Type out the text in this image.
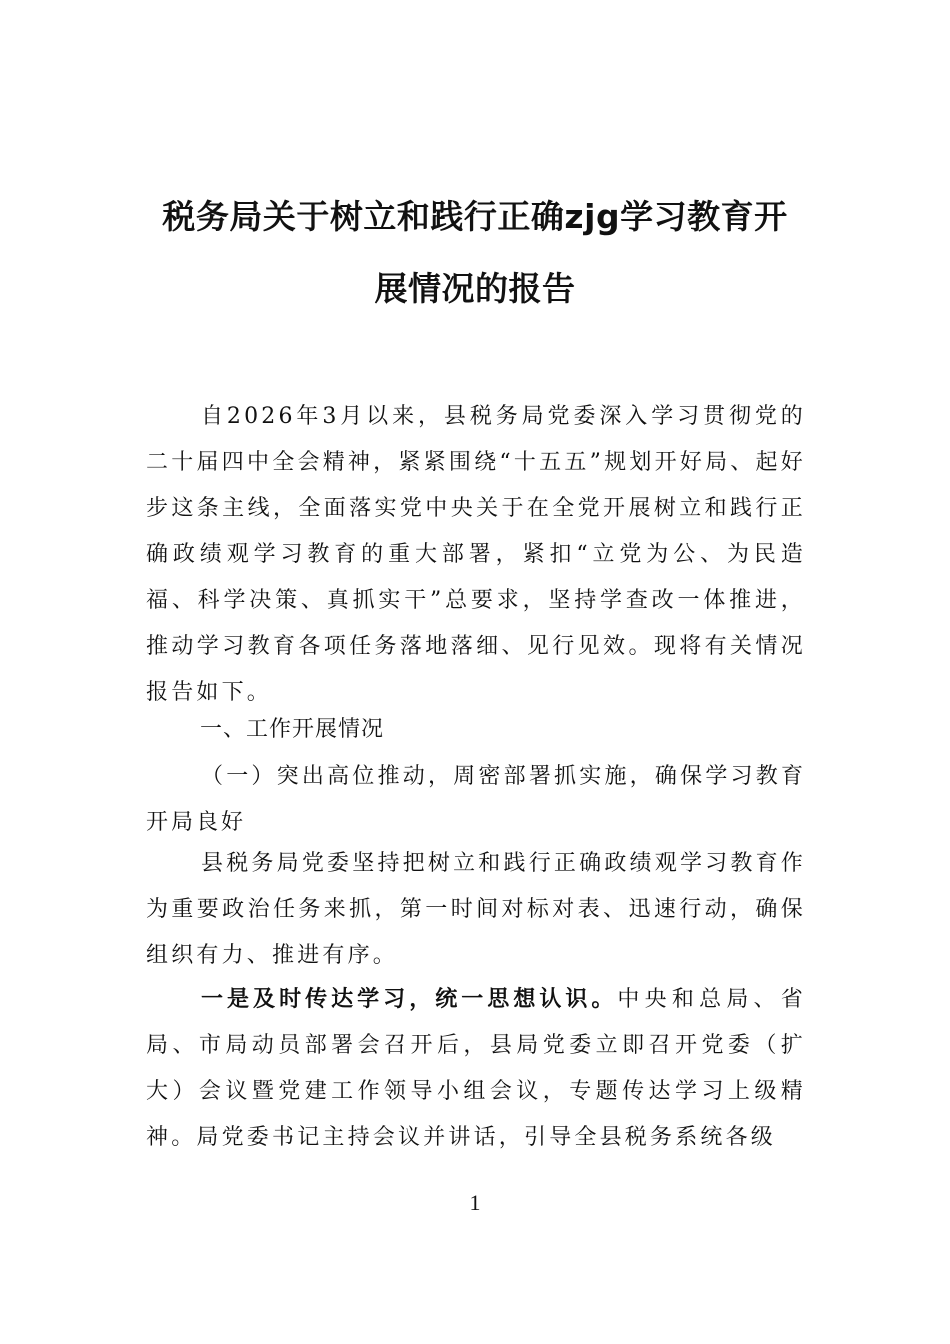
税务局关于树立和践行正确zjg学习教育开
展情况的报告
自2026年3月以来，县税务局党委深入学习贯彻党的二十届四中全会精神，紧紧围绕“十五五”规划开好局、起好步这条主线，全面落实党中央关于在全党开展树立和践行正确政绩观学习教育的重大部署，紧扣“立党为公、为民造福、科学决策、真抓实干”总要求，坚持学查改一体推进，推动学习教育各项任务落地落细、见行见效。现将有关情况报告如下。
一、工作开展情况
（一）突出高位推动，周密部署抓实施，确保学习教育开局良好
县税务局党委坚持把树立和践行正确政绩观学习教育作为重要政治任务来抓，第一时间对标对表、迅速行动，确保组织有力、推进有序。
一是及时传达学习，统一思想认识。中央和总局、省局、市局动员部署会召开后，县局党委立即召开党委（扩大）会议暨党建工作领导小组会议，专题传达学习上级精神。局党委书记主持会议并讲话，引导全县税务系统各级
1
